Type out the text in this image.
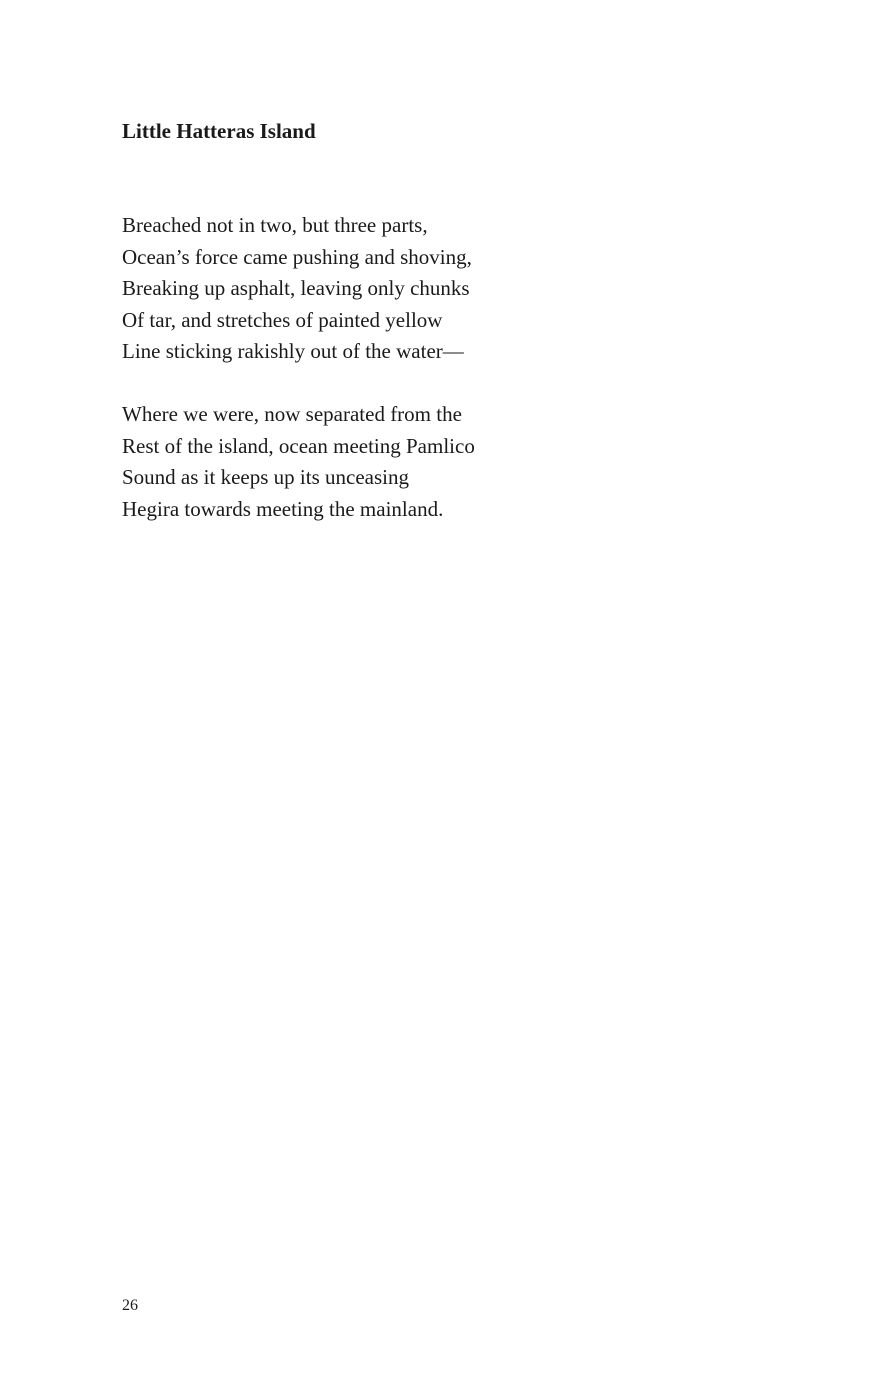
Little Hatteras Island
Breached not in two, but three parts,
Ocean’s force came pushing and shoving,
Breaking up asphalt, leaving only chunks
Of tar, and stretches of painted yellow
Line sticking rakishly out of the water—
Where we were, now separated from the
Rest of the island, ocean meeting Pamlico
Sound as it keeps up its unceasing
Hegira towards meeting the mainland.

26
